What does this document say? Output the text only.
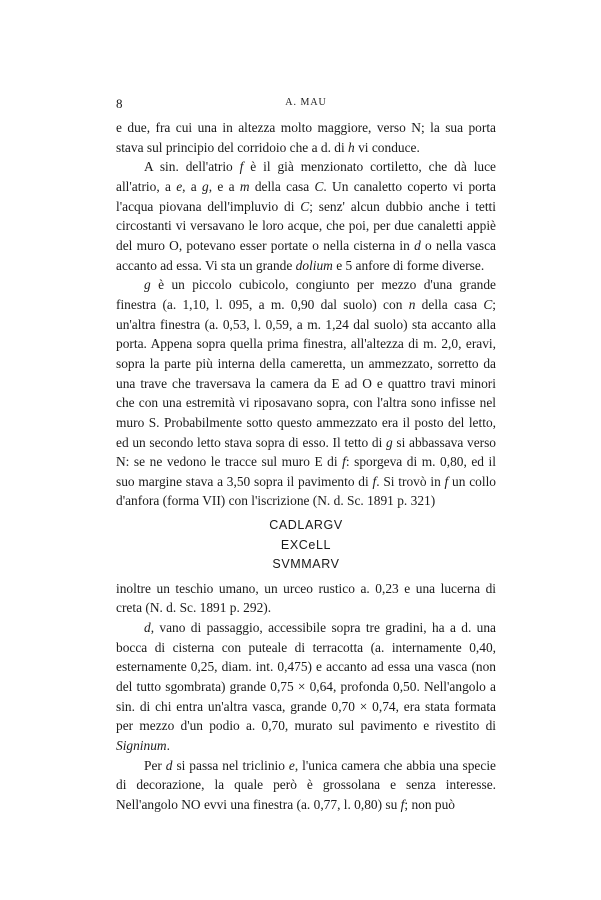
8	A. MAU

e due, fra cui una in altezza molto maggiore, verso N; la sua porta stava sul principio del corridoio che a d. di h vi conduce.

A sin. dell'atrio f è il già menzionato cortiletto, che dà luce all'atrio, a e, a g, e a m della casa C. Un canaletto coperto vi porta l'acqua piovana dell'impluvio di C; senz' alcun dubbio anche i tetti circostanti vi versavano le loro acque, che poi, per due canaletti appiè del muro O, potevano esser portate o nella cisterna in d o nella vasca accanto ad essa. Vi sta un grande dolium e 5 anfore di forme diverse.

g è un piccolo cubicolo, congiunto per mezzo d'una grande finestra (a. 1,10, l. 095, a m. 0,90 dal suolo) con n della casa C; un'altra finestra (a. 0,53, l. 0,59, a m. 1,24 dal suolo) sta accanto alla porta. Appena sopra quella prima finestra, all'altezza di m. 2,0, eravi, sopra la parte più interna della cameretta, un ammezzato, sorretto da una trave che traversava la camera da E ad O e quattro travi minori che con una estremità vi riposavano sopra, con l'altra sono infisse nel muro S. Probabilmente sotto questo ammezzato era il posto del letto, ed un secondo letto stava sopra di esso. Il tetto di g si abbassava verso N: se ne vedono le tracce sul muro E di f: sporgeva di m. 0,80, ed il suo margine stava a 3,50 sopra il pavimento di f. Si trovò in f un collo d'anfora (forma VII) con l'iscrizione (N. d. Sc. 1891 p. 321)

CADLARGV
EXCeLL
SVMMARV

inoltre un teschio umano, un urceo rustico a. 0,23 e una lucerna di creta (N. d. Sc. 1891 p. 292).

d, vano di passaggio, accessibile sopra tre gradini, ha a d. una bocca di cisterna con puteale di terracotta (a. internamente 0,40, esternamente 0,25, diam. int. 0,475) e accanto ad essa una vasca (non del tutto sgombrata) grande 0,75 × 0,64, profonda 0,50. Nell'angolo a sin. di chi entra un'altra vasca, grande 0,70 × 0,74, era stata formata per mezzo d'un podio a. 0,70, murato sul pavimento e rivestito di Signinum.

Per d si passa nel triclinio e, l'unica camera che abbia una specie di decorazione, la quale però è grossolana e senza interesse. Nell'angolo NO evvi una finestra (a. 0,77, l. 0,80) su f; non può
